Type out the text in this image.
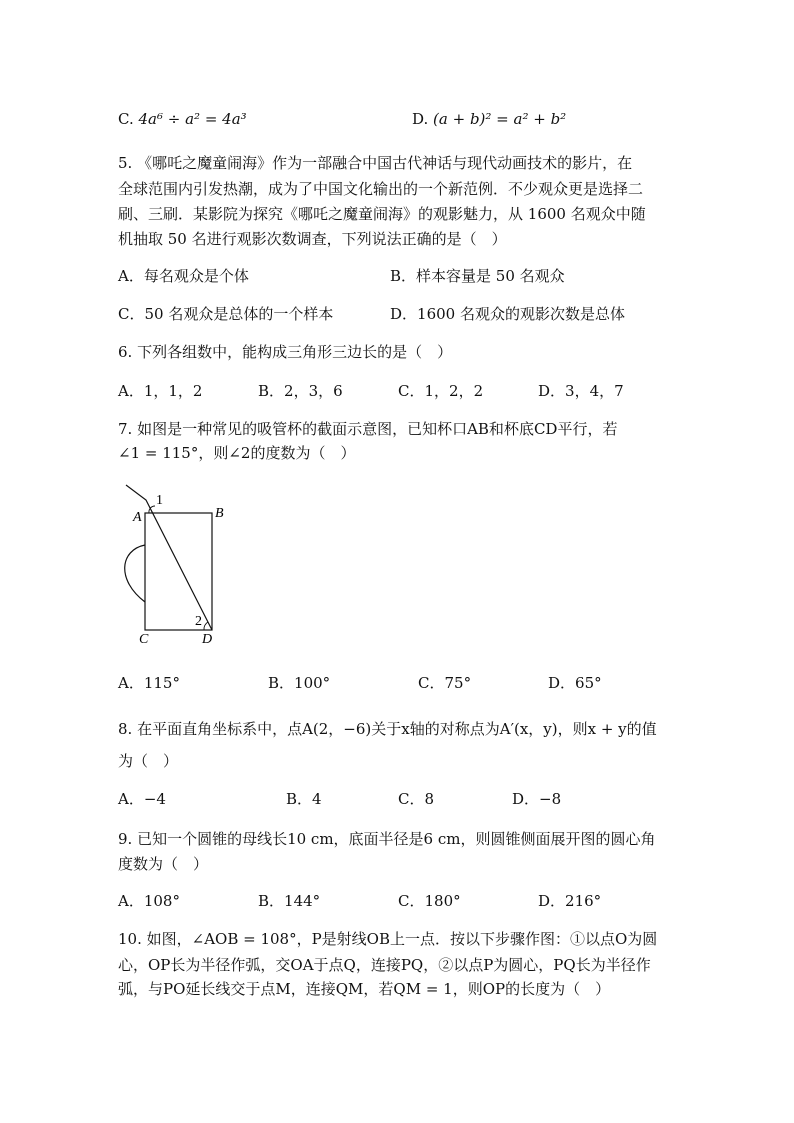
C. 4a⁶ ÷ a² = 4a³	D. (a + b)² = a² + b²
5. 《哪吒之魔童闹海》作为一部融合中国古代神话与现代动画技术的影片，在
全球范围内引发热潮，成为了中国文化输出的一个新范例．不少观众更是选择二
刷、三刷．某影院为探究《哪吒之魔童闹海》的观影魅力，从 1600 名观众中随
机抽取 50 名进行观影次数调查，下列说法正确的是（　）
A．每名观众是个体	B．样本容量是 50 名观众
C．50 名观众是总体的一个样本	D．1600 名观众的观影次数是总体
6. 下列各组数中，能构成三角形三边长的是（　）
A．1，1，2	B．2，3，6	C．1，2，2	D．3，4，7
7. 如图是一种常见的吸管杯的截面示意图，已知杯口AB和杯底CD平行，若
∠1 = 115°，则∠2的度数为（　）
1
A	B
2
C	D
A．115°	B．100°	C．75°	D．65°
8. 在平面直角坐标系中，点A(2，−6)关于x轴的对称点为A′(x，y)，则x + y的值
为（　）
A．−4	B．4	C．8	D．−8
9. 已知一个圆锥的母线长10 cm，底面半径是6 cm，则圆锥侧面展开图的圆心角
度数为（　）
A．108°	B．144°	C．180°	D．216°
10. 如图，∠AOB = 108°，P是射线OB上一点．按以下步骤作图：①以点O为圆
心，OP长为半径作弧，交OA于点Q，连接PQ，②以点P为圆心，PQ长为半径作
弧，与PO延长线交于点M，连接QM，若QM = 1，则OP的长度为（　）
